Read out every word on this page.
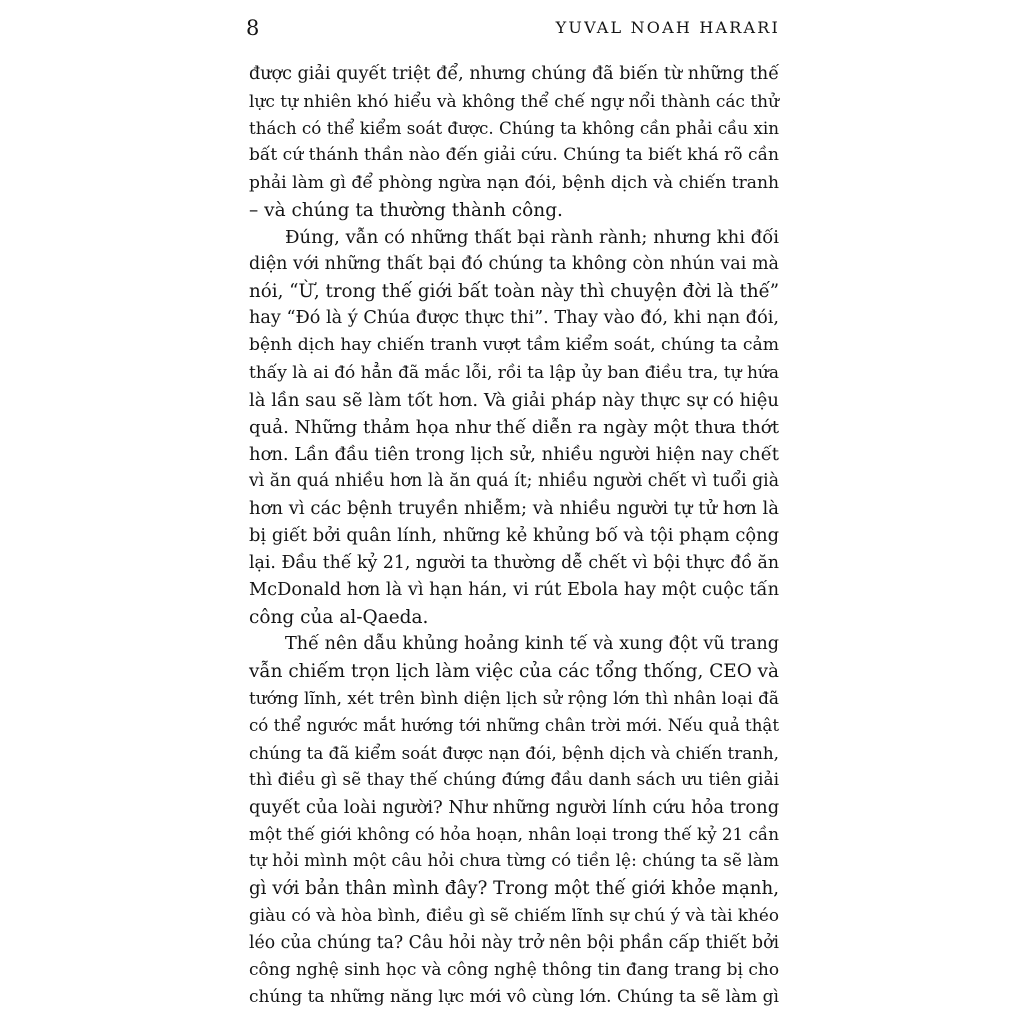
8	YUVAL NOAH HARARI
được giải quyết triệt để, nhưng chúng đã biến từ những thế
lực tự nhiên khó hiểu và không thể chế ngự nổi thành các thử
thách có thể kiểm soát được. Chúng ta không cần phải cầu xin
bất cứ thánh thần nào đến giải cứu. Chúng ta biết khá rõ cần
phải làm gì để phòng ngừa nạn đói, bệnh dịch và chiến tranh
– và chúng ta thường thành công.
Đúng, vẫn có những thất bại rành rành; nhưng khi đối
diện với những thất bại đó chúng ta không còn nhún vai mà
nói, “Ừ, trong thế giới bất toàn này thì chuyện đời là thế”
hay “Đó là ý Chúa được thực thi”. Thay vào đó, khi nạn đói,
bệnh dịch hay chiến tranh vượt tầm kiểm soát, chúng ta cảm
thấy là ai đó hẳn đã mắc lỗi, rồi ta lập ủy ban điều tra, tự hứa
là lần sau sẽ làm tốt hơn. Và giải pháp này thực sự có hiệu
quả. Những thảm họa như thế diễn ra ngày một thưa thớt
hơn. Lần đầu tiên trong lịch sử, nhiều người hiện nay chết
vì ăn quá nhiều hơn là ăn quá ít; nhiều người chết vì tuổi già
hơn vì các bệnh truyền nhiễm; và nhiều người tự tử hơn là
bị giết bởi quân lính, những kẻ khủng bố và tội phạm cộng
lại. Đầu thế kỷ 21, người ta thường dễ chết vì bội thực đồ ăn
McDonald hơn là vì hạn hán, vi rút Ebola hay một cuộc tấn
công của al-Qaeda.
Thế nên dẫu khủng hoảng kinh tế và xung đột vũ trang
vẫn chiếm trọn lịch làm việc của các tổng thống, CEO và
tướng lĩnh, xét trên bình diện lịch sử rộng lớn thì nhân loại đã
có thể ngước mắt hướng tới những chân trời mới. Nếu quả thật
chúng ta đã kiểm soát được nạn đói, bệnh dịch và chiến tranh,
thì điều gì sẽ thay thế chúng đứng đầu danh sách ưu tiên giải
quyết của loài người? Như những người lính cứu hỏa trong
một thế giới không có hỏa hoạn, nhân loại trong thế kỷ 21 cần
tự hỏi mình một câu hỏi chưa từng có tiền lệ: chúng ta sẽ làm
gì với bản thân mình đây? Trong một thế giới khỏe mạnh,
giàu có và hòa bình, điều gì sẽ chiếm lĩnh sự chú ý và tài khéo
léo của chúng ta? Câu hỏi này trở nên bội phần cấp thiết bởi
công nghệ sinh học và công nghệ thông tin đang trang bị cho
chúng ta những năng lực mới vô cùng lớn. Chúng ta sẽ làm gì
